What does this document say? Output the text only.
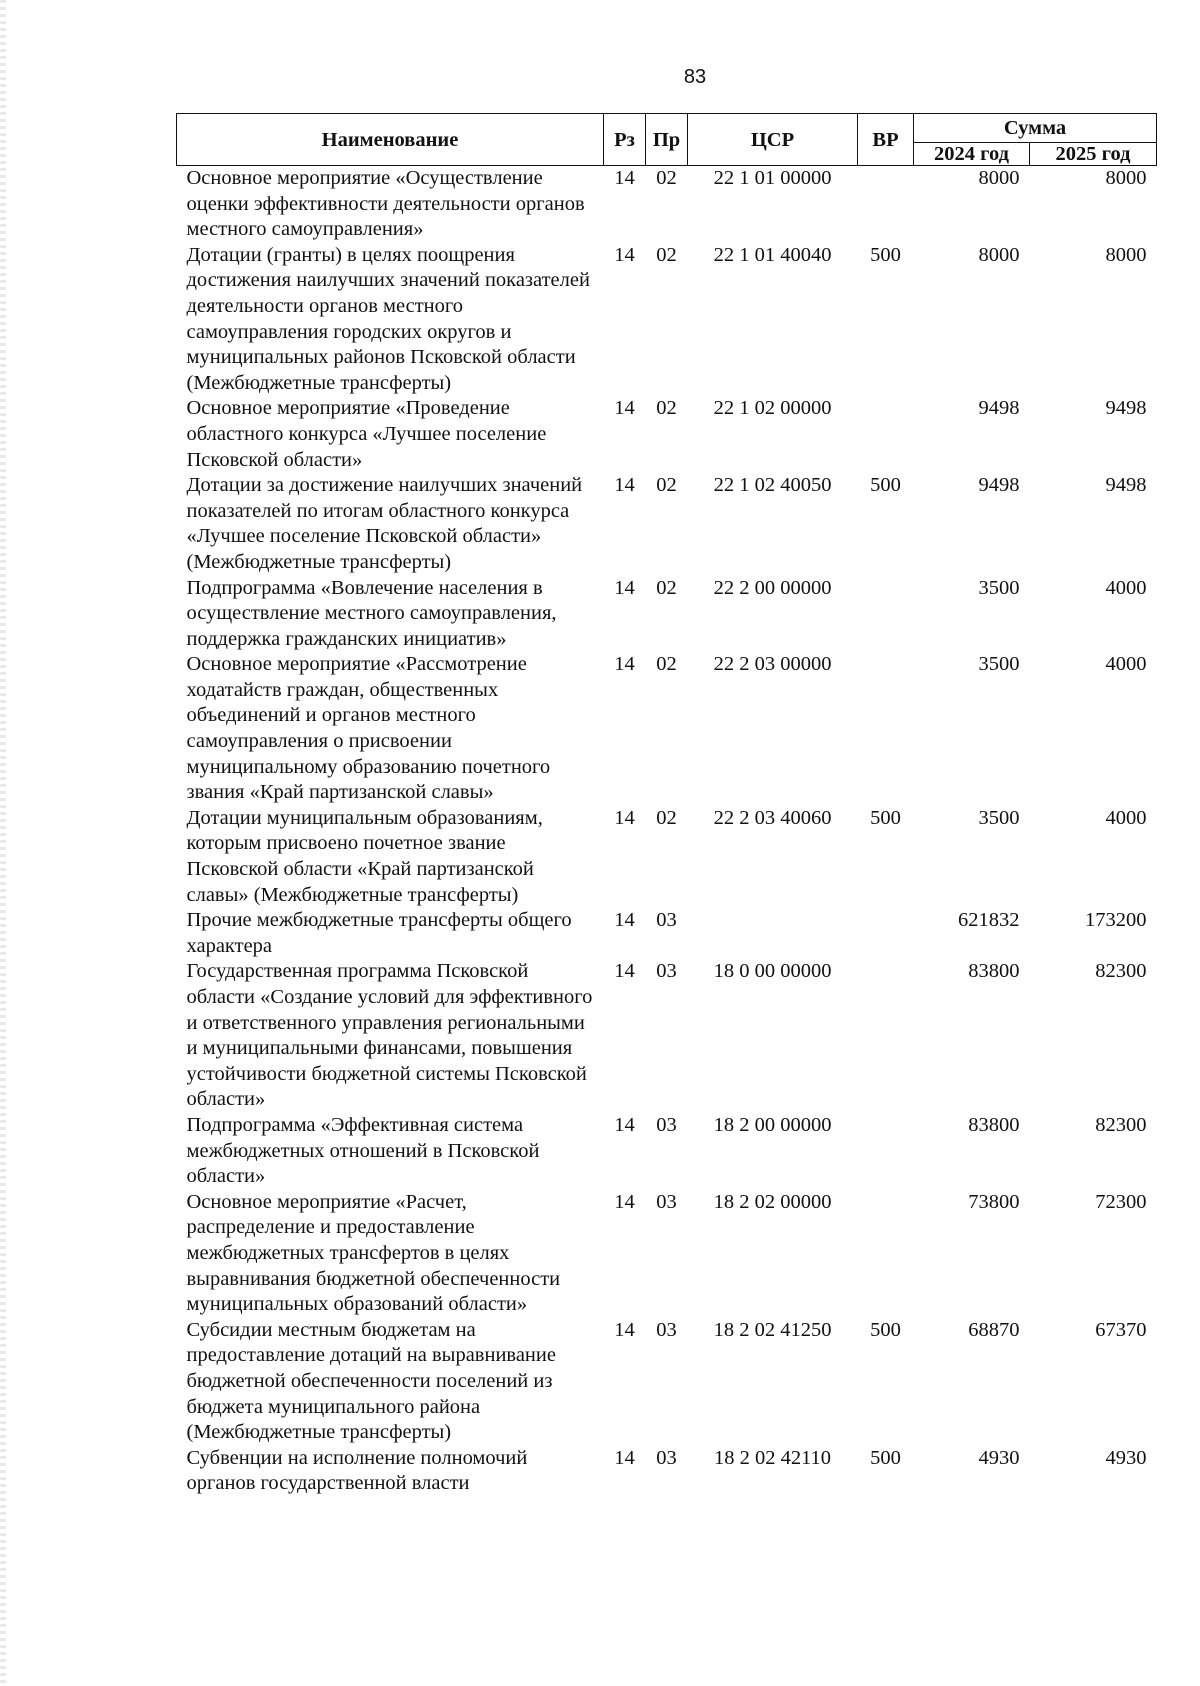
83
Наименование	Рз	Пр	ЦСР	ВР	Сумма	
					2024 год	2025 год
Основное мероприятие «Осуществление оценки эффективности деятельности органов местного самоуправления»	14	02	22 1 01 00000		8000	8000
Дотации (гранты) в целях поощрения достижения наилучших значений показателей деятельности органов местного самоуправления городских округов и муниципальных районов Псковской области (Межбюджетные трансферты)	14	02	22 1 01 40040	500	8000	8000
Основное мероприятие «Проведение областного конкурса «Лучшее поселение Псковской области»	14	02	22 1 02 00000		9498	9498
Дотации за достижение наилучших значений показателей по итогам областного конкурса «Лучшее поселение Псковской области» (Межбюджетные трансферты)	14	02	22 1 02 40050	500	9498	9498
Подпрограмма «Вовлечение населения в осуществление местного самоуправления, поддержка гражданских инициатив»	14	02	22 2 00 00000		3500	4000
Основное мероприятие «Рассмотрение ходатайств граждан, общественных объединений и органов местного самоуправления о присвоении муниципальному образованию почетного звания «Край партизанской славы»	14	02	22 2 03 00000		3500	4000
Дотации муниципальным образованиям, которым присвоено почетное звание Псковской области «Край партизанской славы» (Межбюджетные трансферты)	14	02	22 2 03 40060	500	3500	4000
Прочие межбюджетные трансферты общего характера	14	03			621832	173200
Государственная программа Псковской области «Создание условий для эффективного и ответственного управления региональными и муниципальными финансами, повышения устойчивости бюджетной системы Псковской области»	14	03	18 0 00 00000		83800	82300
Подпрограмма «Эффективная система межбюджетных отношений в Псковской области»	14	03	18 2 00 00000		83800	82300
Основное мероприятие «Расчет, распределение и предоставление межбюджетных трансфертов в целях выравнивания бюджетной обеспеченности муниципальных образований области»	14	03	18 2 02 00000		73800	72300
Субсидии местным бюджетам на предоставление дотаций на выравнивание бюджетной обеспеченности поселений из бюджета муниципального района (Межбюджетные трансферты)	14	03	18 2 02 41250	500	68870	67370
Субвенции на исполнение полномочий органов государственной власти	14	03	18 2 02 42110	500	4930	4930
